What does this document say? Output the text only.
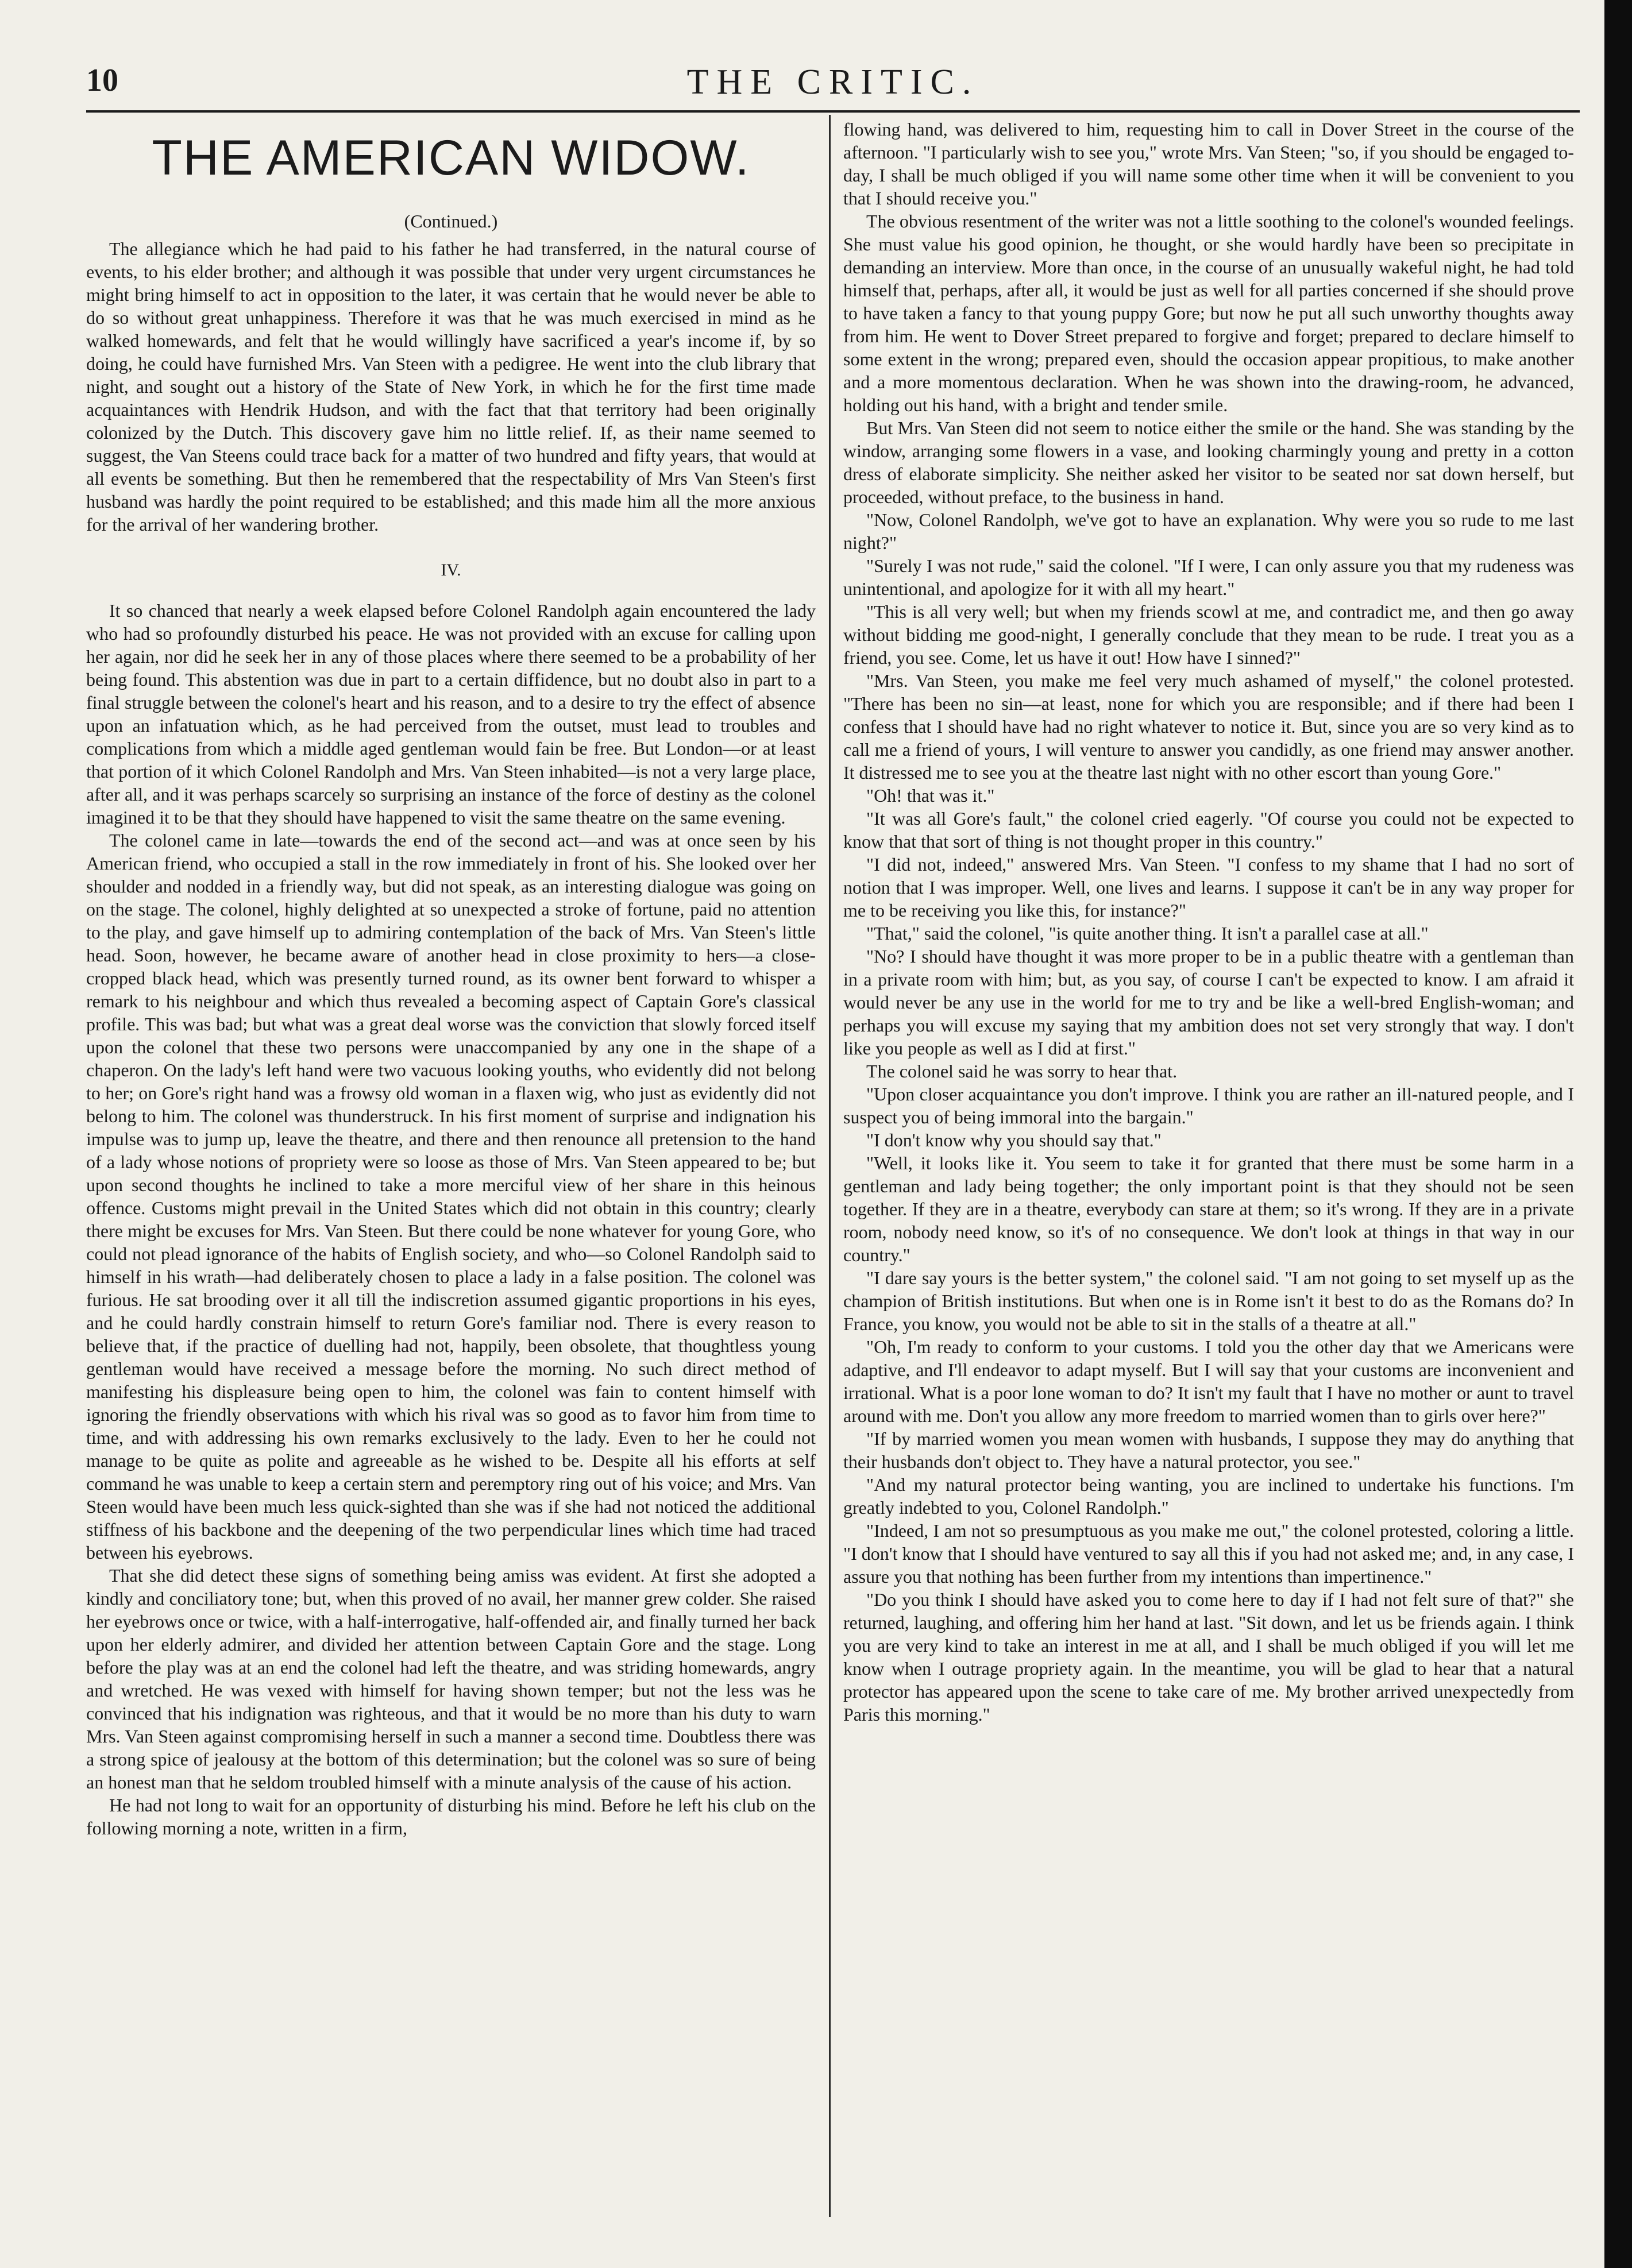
10	THE CRITIC.
THE AMERICAN WIDOW.
(Continued.)

The allegiance which he had paid to his father he had transferred, in the natural course of events, to his elder brother; and although it was possible that under very urgent circumstances he might bring himself to act in opposition to the later, it was certain that he would never be able to do so without great unhappiness. Therefore it was that he was much exercised in mind as he walked homewards, and felt that he would willingly have sacrificed a year's income if, by so doing, he could have furnished Mrs. Van Steen with a pedigree. He went into the club library that night, and sought out a history of the State of New York, in which he for the first time made acquaintances with Hendrik Hudson, and with the fact that that territory had been originally colonized by the Dutch. This discovery gave him no little relief. If, as their name seemed to suggest, the Van Steens could trace back for a matter of two hundred and fifty years, that would at all events be something. But then he remembered that the respectability of Mrs Van Steen's first husband was hardly the point required to be established; and this made him all the more anxious for the arrival of her wandering brother.

IV.

It so chanced that nearly a week elapsed before Colonel Randolph again encountered the lady who had so profoundly disturbed his peace. He was not provided with an excuse for calling upon her again, nor did he seek her in any of those places where there seemed to be a probability of her being found. This abstention was due in part to a certain diffidence, but no doubt also in part to a final struggle between the colonel's heart and his reason, and to a desire to try the effect of absence upon an infatuation which, as he had perceived from the outset, must lead to troubles and complications from which a middle aged gentleman would fain be free. But London—or at least that portion of it which Colonel Randolph and Mrs. Van Steen inhabited—is not a very large place, after all, and it was perhaps scarcely so surprising an instance of the force of destiny as the colonel imagined it to be that they should have happened to visit the same theatre on the same evening.

The colonel came in late—towards the end of the second act—and was at once seen by his American friend, who occupied a stall in the row immediately in front of his. She looked over her shoulder and nodded in a friendly way, but did not speak, as an interesting dialogue was going on on the stage. The colonel, highly delighted at so unexpected a stroke of fortune, paid no attention to the play, and gave himself up to admiring contemplation of the back of Mrs. Van Steen's little head. Soon, however, he became aware of another head in close proximity to hers—a close-cropped black head, which was presently turned round, as its owner bent forward to whisper a remark to his neighbour and which thus revealed a becoming aspect of Captain Gore's classical profile. This was bad; but what was a great deal worse was the conviction that slowly forced itself upon the colonel that these two persons were unaccompanied by any one in the shape of a chaperon. On the lady's left hand were two vacuous looking youths, who evidently did not belong to her; on Gore's right hand was a frowsy old woman in a flaxen wig, who just as evidently did not belong to him. The colonel was thunderstruck. In his first moment of surprise and indignation his impulse was to jump up, leave the theatre, and there and then renounce all pretension to the hand of a lady whose notions of propriety were so loose as those of Mrs. Van Steen appeared to be; but upon second thoughts he inclined to take a more merciful view of her share in this heinous offence. Customs might prevail in the United States which did not obtain in this country; clearly there might be excuses for Mrs. Van Steen. But there could be none whatever for young Gore, who could not plead ignorance of the habits of English society, and who—so Colonel Randolph said to himself in his wrath—had deliberately chosen to place a lady in a false position. The colonel was furious. He sat brooding over it all till the indiscretion assumed gigantic proportions in his eyes, and he could hardly constrain himself to return Gore's familiar nod. There is every reason to believe that, if the practice of duelling had not, happily, been obsolete, that thoughtless young gentleman would have received a message before the morning. No such direct method of manifesting his displeasure being open to him, the colonel was fain to content himself with ignoring the friendly observations with which his rival was so good as to favor him from time to time, and with addressing his own remarks exclusively to the lady. Even to her he could not manage to be quite as polite and agreeable as he wished to be. Despite all his efforts at self command he was unable to keep a certain stern and peremptory ring out of his voice; and Mrs. Van Steen would have been much less quick-sighted than she was if she had not noticed the additional stiffness of his backbone and the deepening of the two perpendicular lines which time had traced between his eyebrows.

That she did detect these signs of something being amiss was evident. At first she adopted a kindly and conciliatory tone; but, when this proved of no avail, her manner grew colder. She raised her eyebrows once or twice, with a half-interrogative, half-offended air, and finally turned her back upon her elderly admirer, and divided her attention between Captain Gore and the stage. Long before the play was at an end the colonel had left the theatre, and was striding homewards, angry and wretched. He was vexed with himself for having shown temper; but not the less was he convinced that his indignation was righteous, and that it would be no more than his duty to warn Mrs. Van Steen against compromising herself in such a manner a second time. Doubtless there was a strong spice of jealousy at the bottom of this determination; but the colonel was so sure of being an honest man that he seldom troubled himself with a minute analysis of the cause of his action.

He had not long to wait for an opportunity of disturbing his mind. Before he left his club on the following morning a note, written in a firm,

flowing hand, was delivered to him, requesting him to call in Dover Street in the course of the afternoon. "I particularly wish to see you," wrote Mrs. Van Steen; "so, if you should be engaged to-day, I shall be much obliged if you will name some other time when it will be convenient to you that I should receive you."

The obvious resentment of the writer was not a little soothing to the colonel's wounded feelings. She must value his good opinion, he thought, or she would hardly have been so precipitate in demanding an interview. More than once, in the course of an unusually wakeful night, he had told himself that, perhaps, after all, it would be just as well for all parties concerned if she should prove to have taken a fancy to that young puppy Gore; but now he put all such unworthy thoughts away from him. He went to Dover Street prepared to forgive and forget; prepared to declare himself to some extent in the wrong; prepared even, should the occasion appear propitious, to make another and a more momentous declaration. When he was shown into the drawing-room, he advanced, holding out his hand, with a bright and tender smile.

But Mrs. Van Steen did not seem to notice either the smile or the hand. She was standing by the window, arranging some flowers in a vase, and looking charmingly young and pretty in a cotton dress of elaborate simplicity. She neither asked her visitor to be seated nor sat down herself, but proceeded, without preface, to the business in hand.

"Now, Colonel Randolph, we've got to have an explanation. Why were you so rude to me last night?"

"Surely I was not rude," said the colonel. "If I were, I can only assure you that my rudeness was unintentional, and apologize for it with all my heart."

"This is all very well; but when my friends scowl at me, and contradict me, and then go away without bidding me good-night, I generally conclude that they mean to be rude. I treat you as a friend, you see. Come, let us have it out! How have I sinned?"

"Mrs. Van Steen, you make me feel very much ashamed of myself," the colonel protested. "There has been no sin—at least, none for which you are responsible; and if there had been I confess that I should have had no right whatever to notice it. But, since you are so very kind as to call me a friend of yours, I will venture to answer you candidly, as one friend may answer another. It distressed me to see you at the theatre last night with no other escort than young Gore."

"Oh! that was it."

"It was all Gore's fault," the colonel cried eagerly. "Of course you could not be expected to know that that sort of thing is not thought proper in this country."

"I did not, indeed," answered Mrs. Van Steen. "I confess to my shame that I had no sort of notion that I was improper. Well, one lives and learns. I suppose it can't be in any way proper for me to be receiving you like this, for instance?"

"That," said the colonel, "is quite another thing. It isn't a parallel case at all."

"No? I should have thought it was more proper to be in a public theatre with a gentleman than in a private room with him; but, as you say, of course I can't be expected to know. I am afraid it would never be any use in the world for me to try and be like a well-bred English-woman; and perhaps you will excuse my saying that my ambition does not set very strongly that way. I don't like you people as well as I did at first."

The colonel said he was sorry to hear that.

"Upon closer acquaintance you don't improve. I think you are rather an ill-natured people, and I suspect you of being immoral into the bargain."

"I don't know why you should say that."

"Well, it looks like it. You seem to take it for granted that there must be some harm in a gentleman and lady being together; the only important point is that they should not be seen together. If they are in a theatre, everybody can stare at them; so it's wrong. If they are in a private room, nobody need know, so it's of no consequence. We don't look at things in that way in our country."

"I dare say yours is the better system," the colonel said. "I am not going to set myself up as the champion of British institutions. But when one is in Rome isn't it best to do as the Romans do? In France, you know, you would not be able to sit in the stalls of a theatre at all."

"Oh, I'm ready to conform to your customs. I told you the other day that we Americans were adaptive, and I'll endeavor to adapt myself. But I will say that your customs are inconvenient and irrational. What is a poor lone woman to do? It isn't my fault that I have no mother or aunt to travel around with me. Don't you allow any more freedom to married women than to girls over here?"

"If by married women you mean women with husbands, I suppose they may do anything that their husbands don't object to. They have a natural protector, you see."

"And my natural protector being wanting, you are inclined to undertake his functions. I'm greatly indebted to you, Colonel Randolph."

"Indeed, I am not so presumptuous as you make me out," the colonel protested, coloring a little. "I don't know that I should have ventured to say all this if you had not asked me; and, in any case, I assure you that nothing has been further from my intentions than impertinence."

"Do you think I should have asked you to come here to day if I had not felt sure of that?" she returned, laughing, and offering him her hand at last. "Sit down, and let us be friends again. I think you are very kind to take an interest in me at all, and I shall be much obliged if you will let me know when I outrage propriety again. In the meantime, you will be glad to hear that a natural protector has appeared upon the scene to take care of me. My brother arrived unexpectedly from Paris this morning."
